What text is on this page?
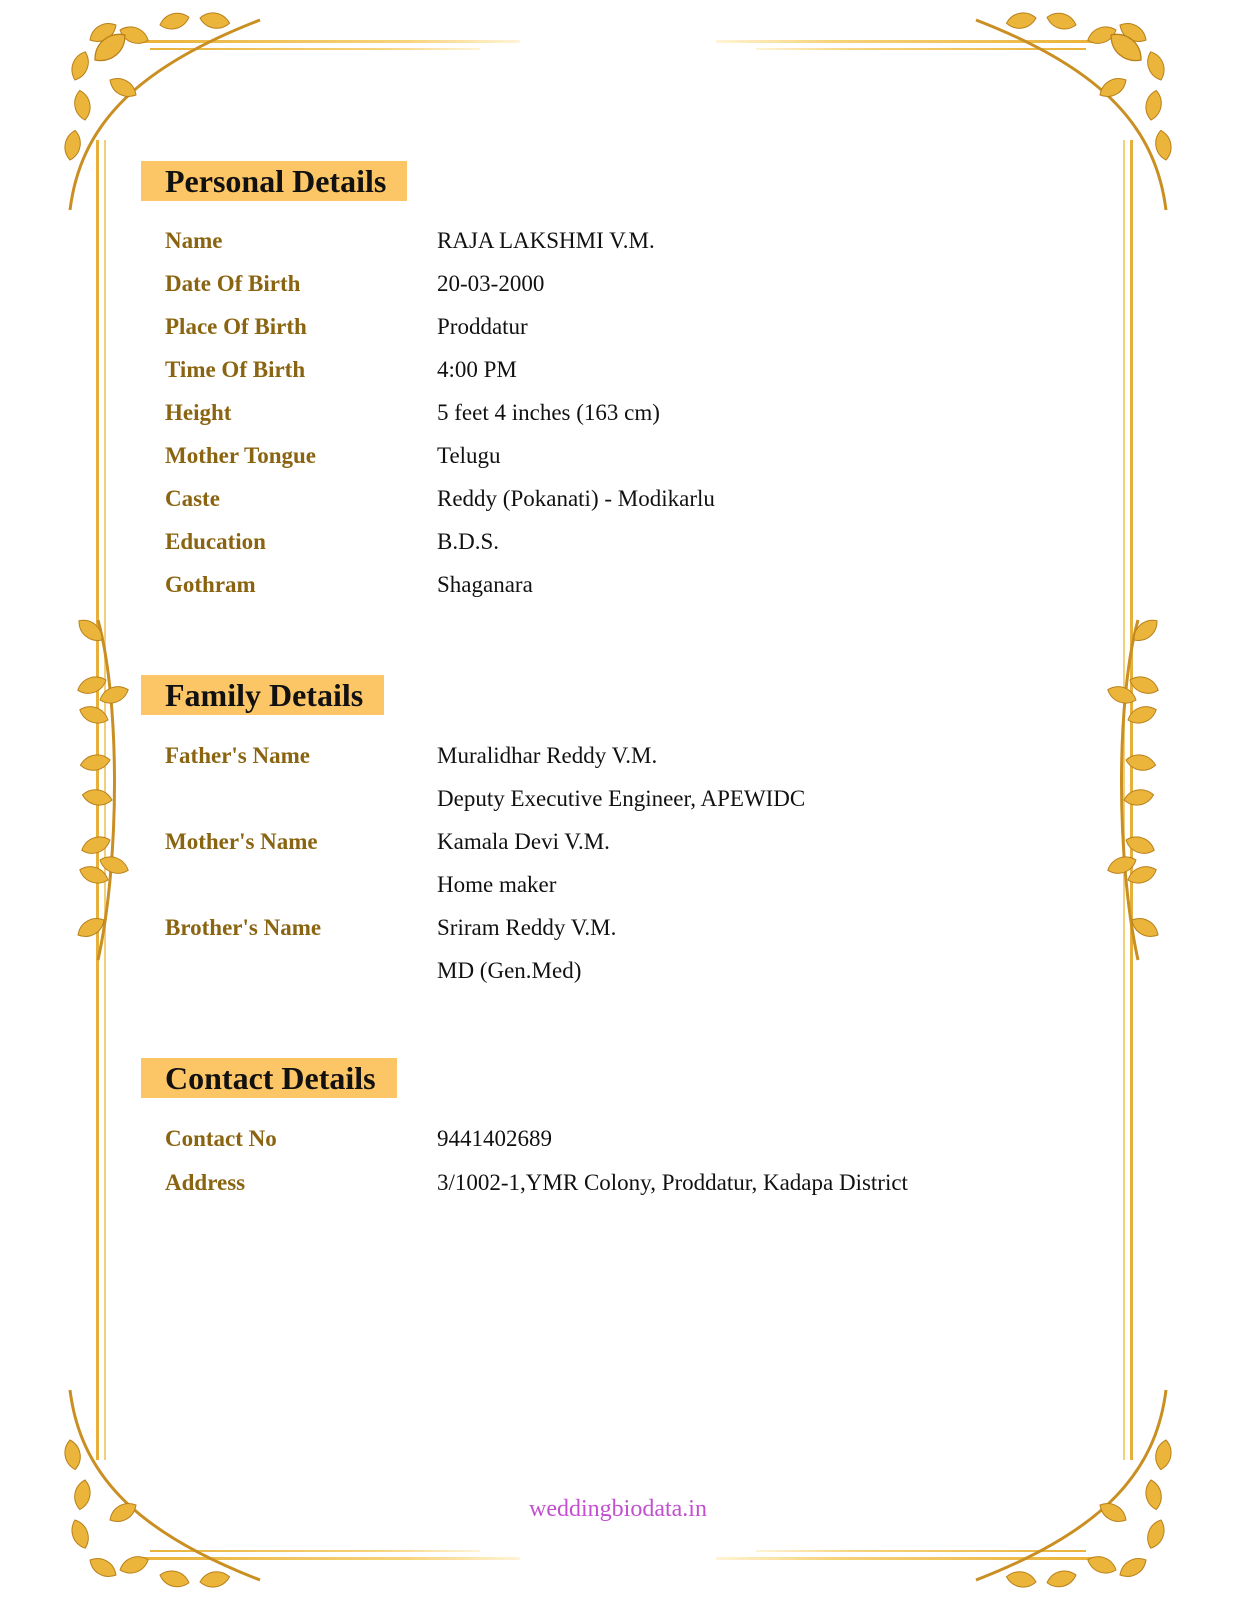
Personal Details
Name	RAJA LAKSHMI V.M.
Date Of Birth	20-03-2000
Place Of Birth	Proddatur
Time Of Birth	4:00 PM
Height	5 feet 4 inches (163 cm)
Mother Tongue	Telugu
Caste	Reddy (Pokanati) - Modikarlu
Education	B.D.S.
Gothram	Shaganara
Family Details
Father's Name	Muralidhar Reddy V.M.
Deputy Executive Engineer, APEWIDC
Mother's Name	Kamala Devi V.M.
Home maker
Brother's Name	Sriram Reddy V.M.
MD (Gen.Med)
Contact Details
Contact No	9441402689
Address	3/1002-1,YMR Colony, Proddatur, Kadapa District
weddingbiodata.in
